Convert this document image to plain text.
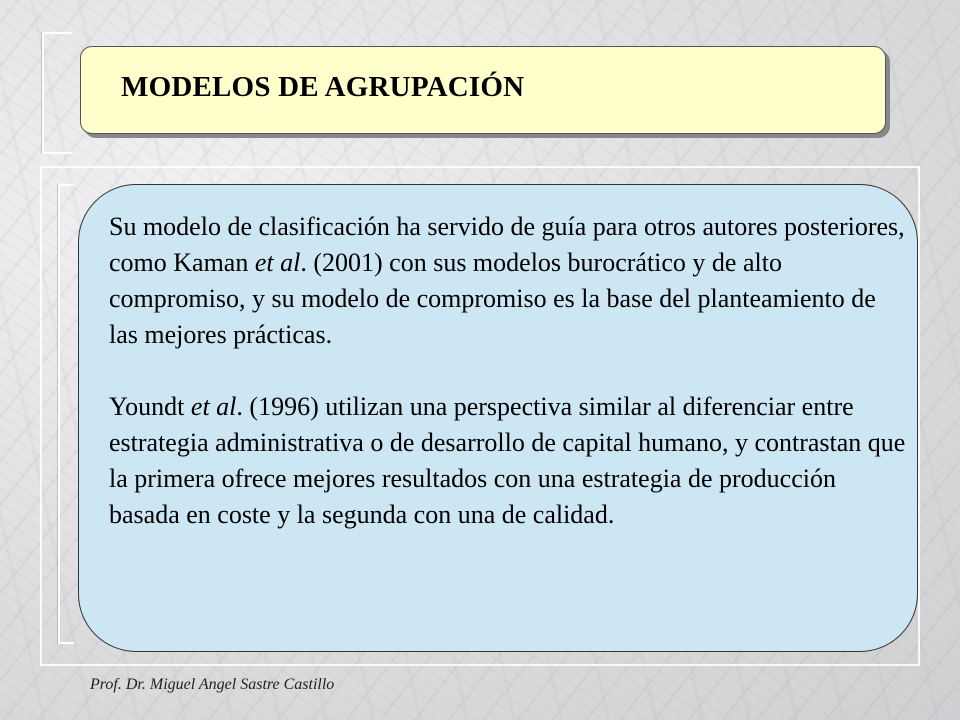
MODELOS DE AGRUPACIÓN

Su modelo de clasificación ha servido de guía para otros autores posteriores, como Kaman et al. (2001) con sus modelos burocrático y de alto compromiso, y su modelo de compromiso es la base del planteamiento de las mejores prácticas.

Youndt et al. (1996) utilizan una perspectiva similar al diferenciar entre estrategia administrativa o de desarrollo de capital humano, y contrastan que la primera ofrece mejores resultados con una estrategia de producción basada en coste y la segunda con una de calidad.

Prof. Dr. Miguel Angel Sastre Castillo
